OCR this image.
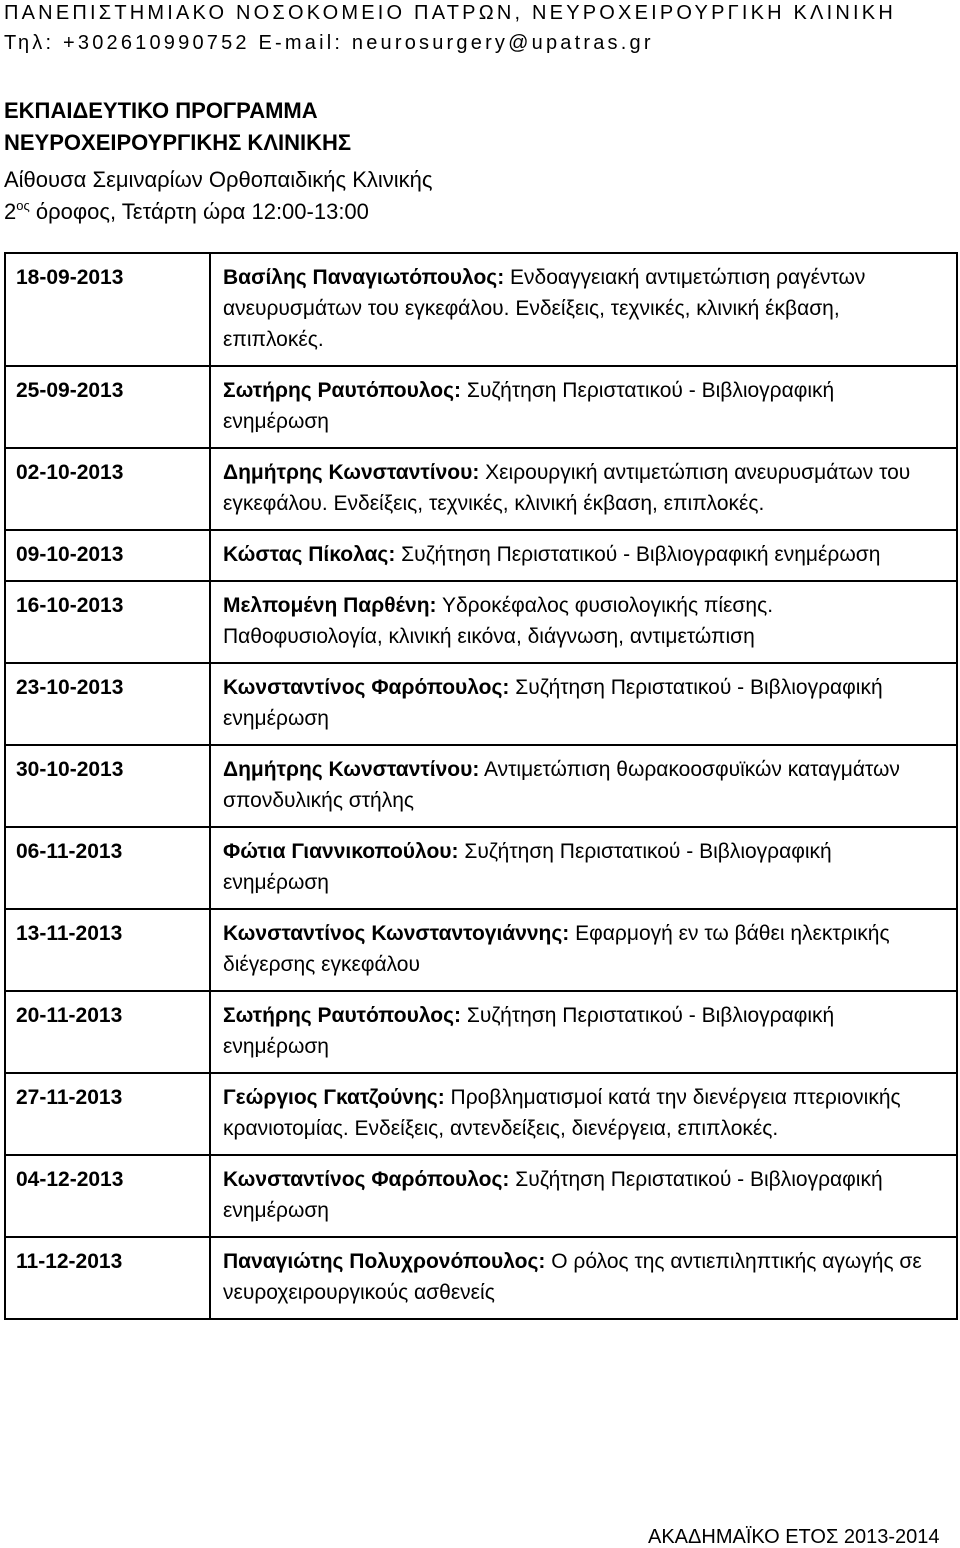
ΠΑΝΕΠΙΣΤΗΜΙΑΚΟ ΝΟΣΟΚΟΜΕΙΟ ΠΑΤΡΩΝ, ΝΕΥΡΟΧΕΙΡΟΥΡΓΙΚΗ ΚΛΙΝΙΚΗ
Τηλ: +302610990752 E-mail: neurosurgery@upatras.gr
ΕΚΠΑΙΔΕΥΤΙΚΟ ΠΡΟΓΡΑΜΜΑ
ΝΕΥΡΟΧΕΙΡΟΥΡΓΙΚΗΣ ΚΛΙΝΙΚΗΣ
Αίθουσα Σεμιναρίων Ορθοπαιδικής Κλινικής
$2^{o\varsigma}$ όροφος, Τετάρτη ώρα 12:00-13:00
18-09-2013	Βασίλης Παναγιωτόπουλος: Ενδοαγγειακή αντιμετώπιση ραγέντων ανευρυσμάτων του εγκεφάλου. Ενδείξεις, τεχνικές, κλινική έκβαση, επιπλοκές.
25-09-2013	Σωτήρης Ραυτόπουλος: Συζήτηση Περιστατικού - Βιβλιογραφική ενημέρωση
02-10-2013	Δημήτρης Κωνσταντίνου: Χειρουργική αντιμετώπιση ανευρυσμάτων του εγκεφάλου. Ενδείξεις, τεχνικές, κλινική έκβαση, επιπλοκές.
09-10-2013	Κώστας Πίκολας: Συζήτηση Περιστατικού - Βιβλιογραφική ενημέρωση
16-10-2013	Μελπομένη Παρθένη: Υδροκέφαλος φυσιολογικής πίεσης. Παθοφυσιολογία, κλινική εικόνα, διάγνωση, αντιμετώπιση
23-10-2013	Κωνσταντίνος Φαρόπουλος: Συζήτηση Περιστατικού - Βιβλιογραφική ενημέρωση
30-10-2013	Δημήτρης Κωνσταντίνου: Αντιμετώπιση θωρακοοσφυϊκών καταγμάτων σπονδυλικής στήλης
06-11-2013	Φώτια Γιαννικοπούλου: Συζήτηση Περιστατικού - Βιβλιογραφική ενημέρωση
13-11-2013	Κωνσταντίνος Κωνσταντογιάννης: Εφαρμογή εν τω βάθει ηλεκτρικής διέγερσης εγκεφάλου
20-11-2013	Σωτήρης Ραυτόπουλος: Συζήτηση Περιστατικού - Βιβλιογραφική ενημέρωση
27-11-2013	Γεώργιος Γκατζούνης: Προβληματισμοί κατά την διενέργεια πτεριονικής κρανιοτομίας. Ενδείξεις, αντενδείξεις, διενέργεια, επιπλοκές.
04-12-2013	Κωνσταντίνος Φαρόπουλος: Συζήτηση Περιστατικού - Βιβλιογραφική ενημέρωση
11-12-2013	Παναγιώτης Πολυχρονόπουλος: Ο ρόλος της αντιεπιληπτικής αγωγής σε νευροχειρουργικούς ασθενείς
ΑΚΑΔΗΜΑΪΚΟ ΕΤΟΣ 2013-2014
